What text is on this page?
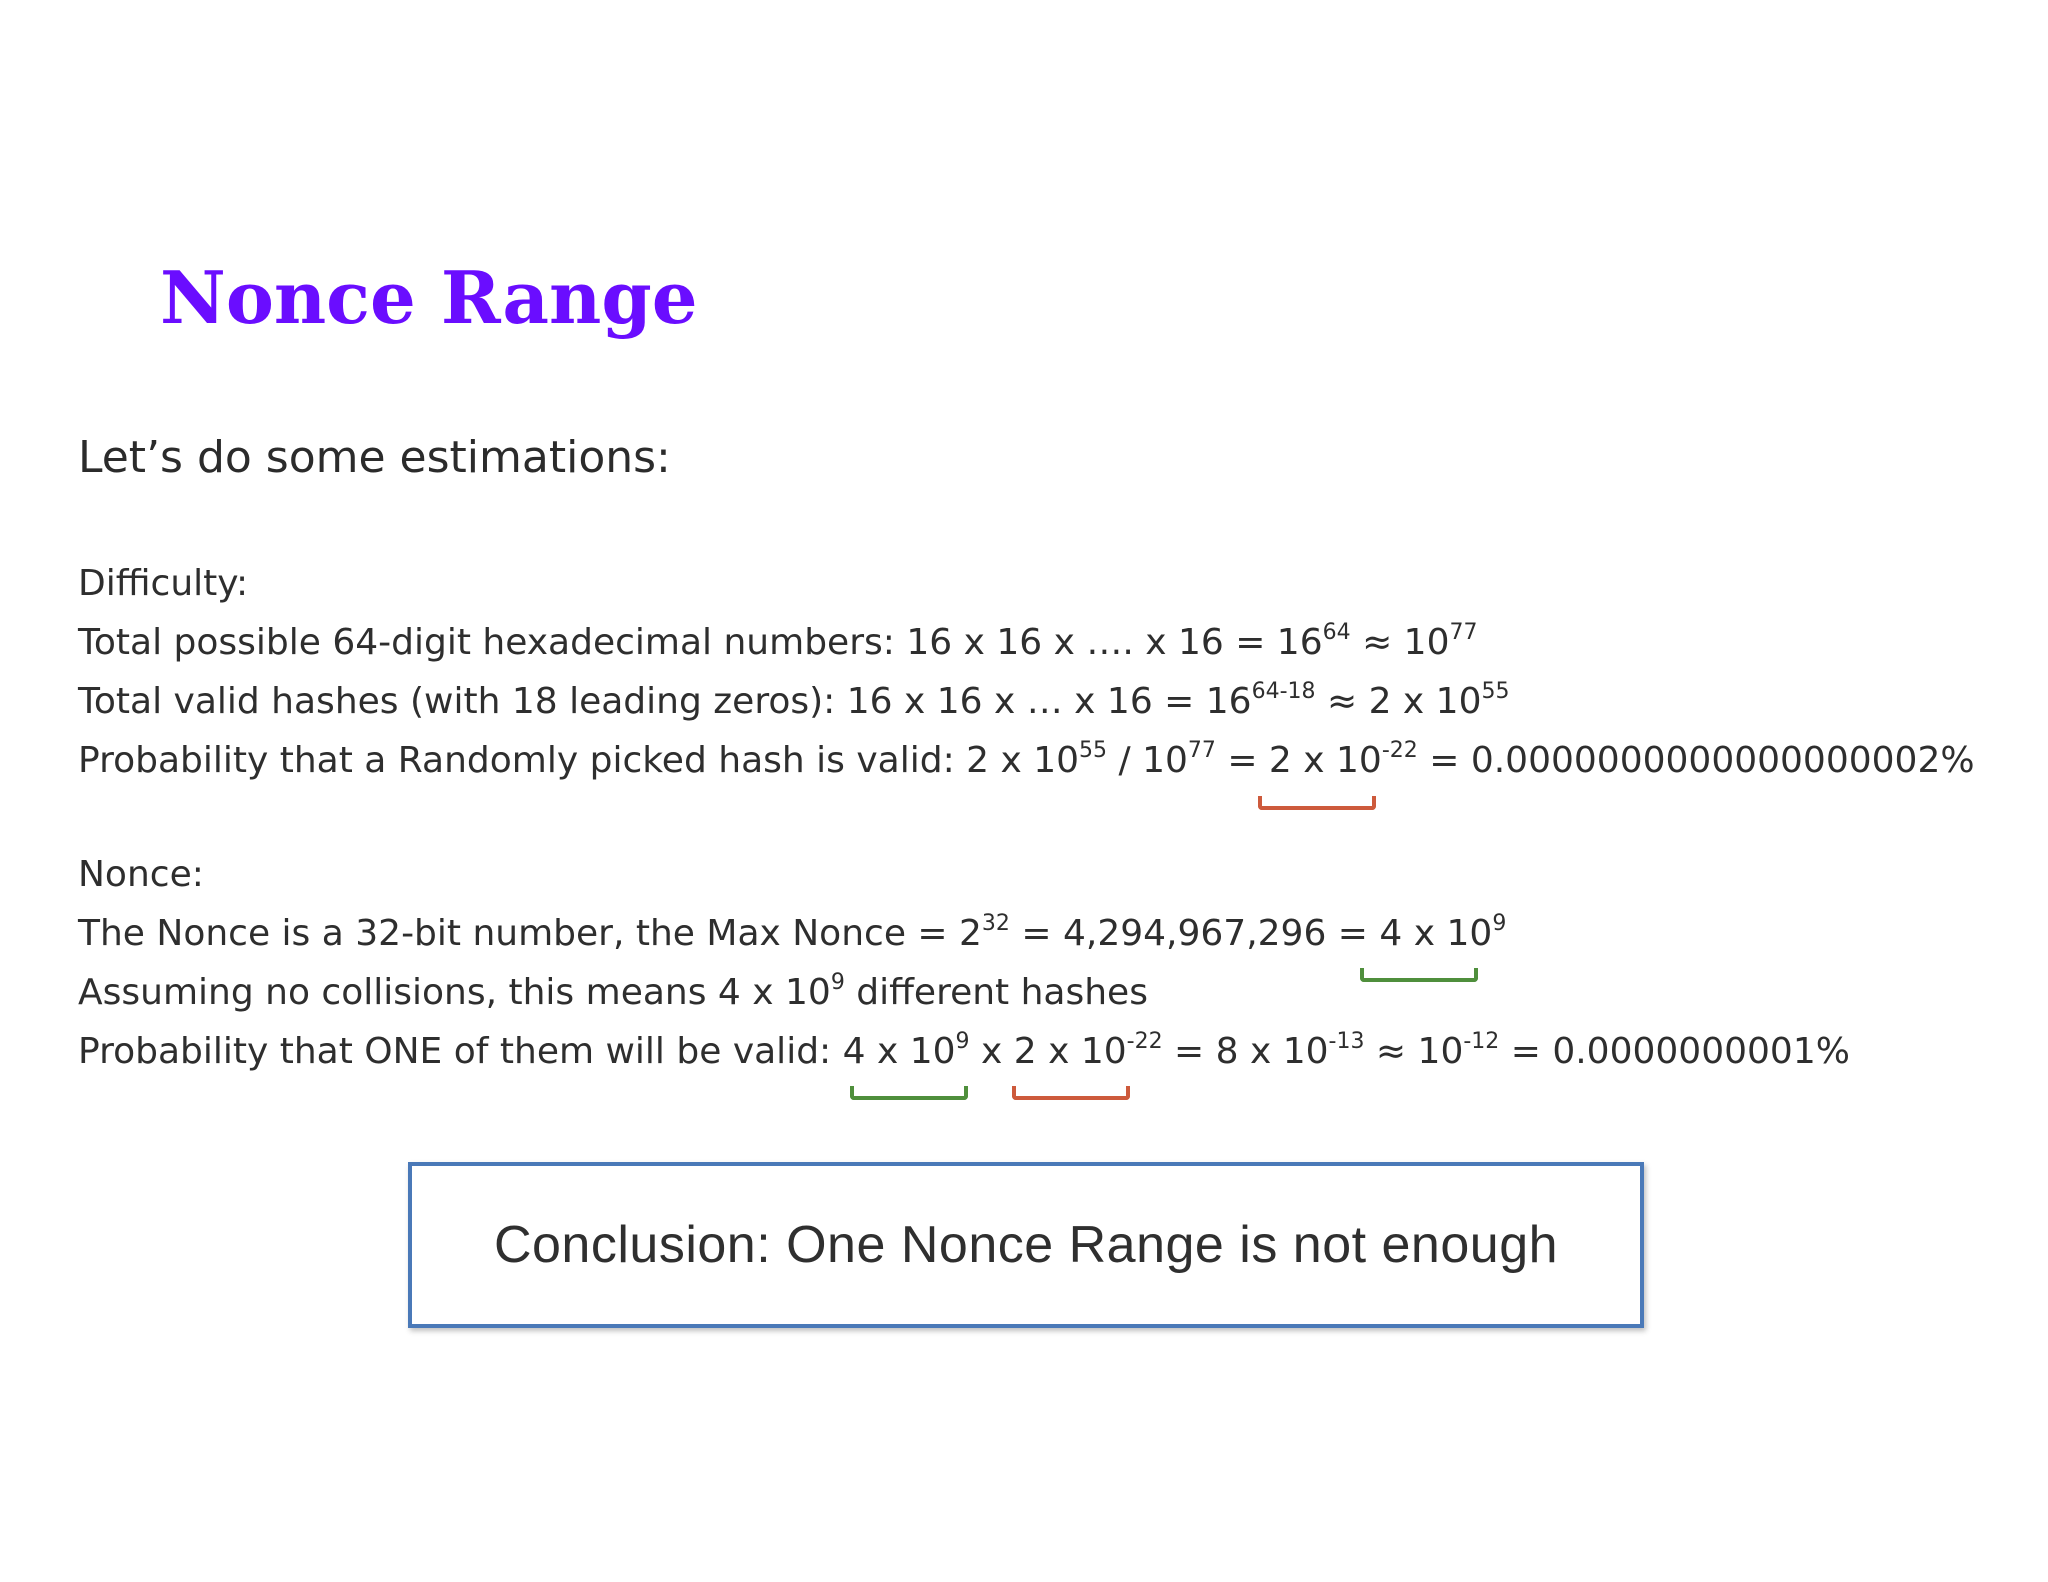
Nonce Range

Let’s do some estimations:

Difficulty:

Total possible 64-digit hexadecimal numbers: 16 x 16 x …. x $16 = 16^{64} \approx 10^{77}$

Total valid hashes (with 18 leading zeros): 16 x 16 x … x $16 = 16^{64-18} \approx 2$ x $10^{55}$

Probability that a Randomly picked hash is valid: 2 x $10^{55} / 10^{77} = 2$ x $10^{-22} = 0.0000000000000000002\%$

Nonce:

The Nonce is a 32-bit number, the Max Nonce = $2^{32} = 4,294,967,296 = 4$ x $10^9$

Assuming no collisions, this means 4 x $10^9$ different hashes

Probability that ONE of them will be valid: 4 x $10^9$ x 2 x $10^{-22} = 8$ x $10^{-13} \approx 10^{-12} = 0.0000000001\%$

Conclusion: One Nonce Range is not enough
